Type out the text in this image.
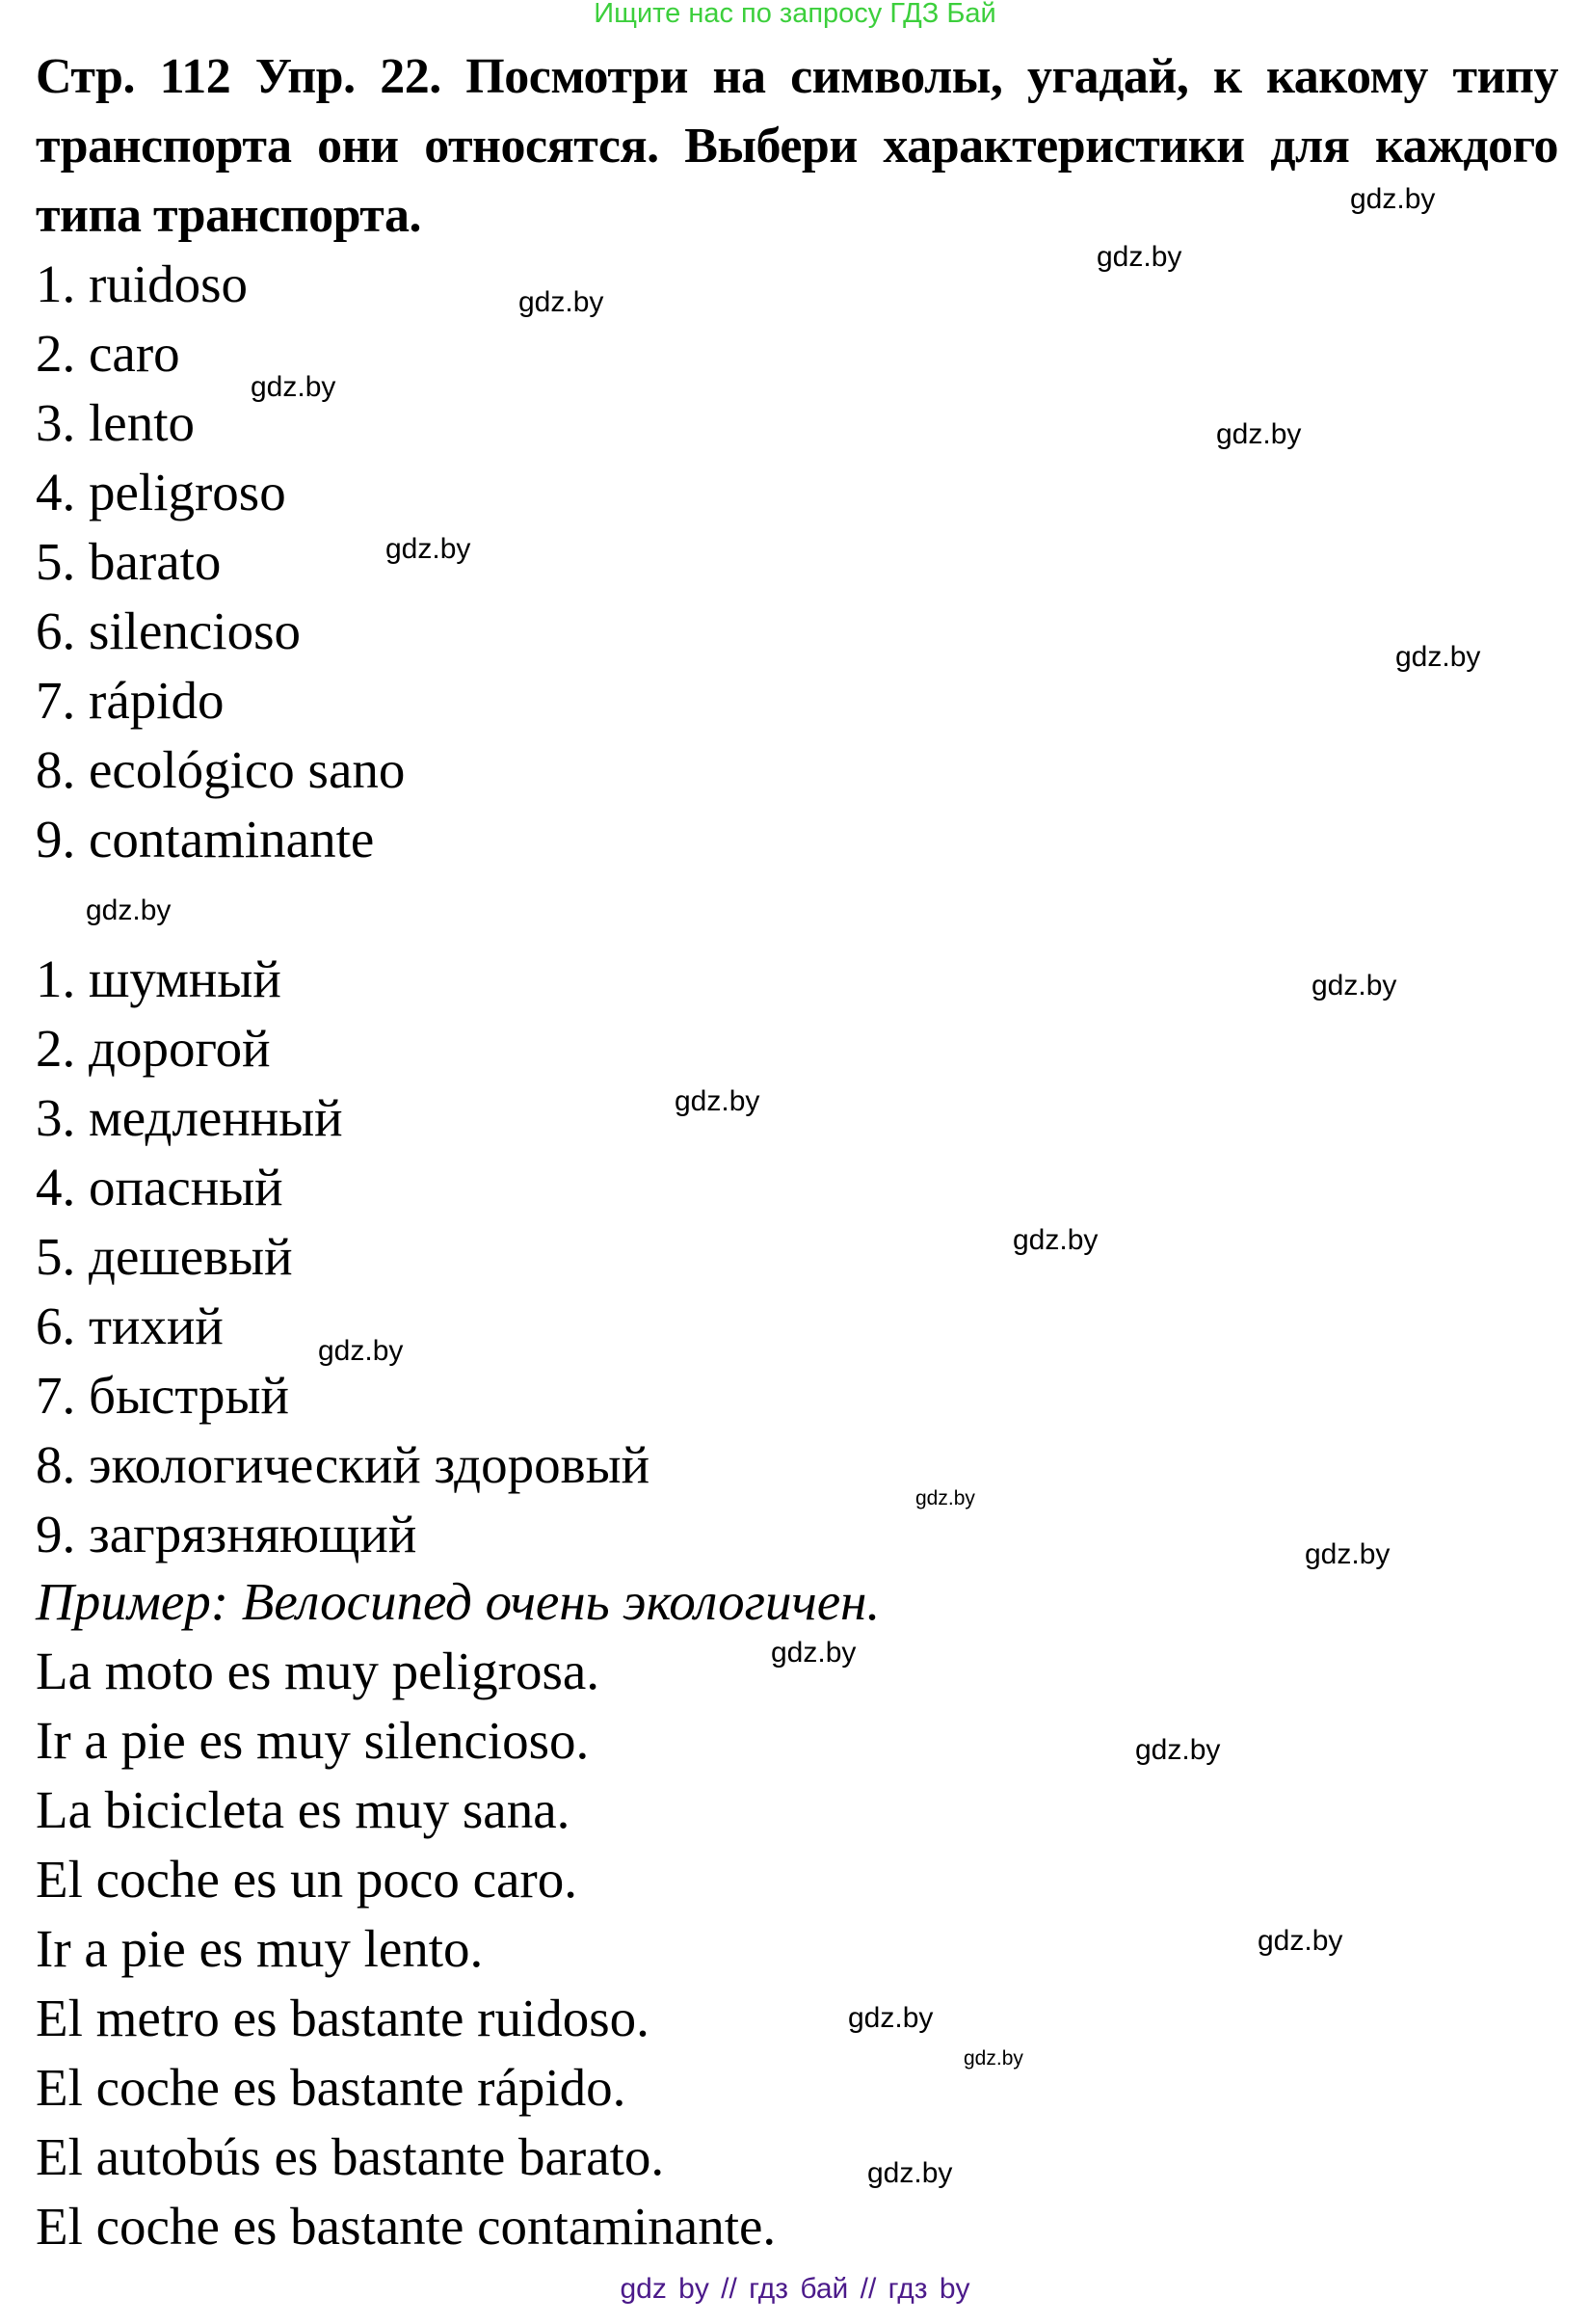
Стр. 112 Упр. 22. Посмотри на символы, угадай, к какому типу транспорта они относятся. Выбери характеристики для каждого типа транспорта.
Ищите нас по запросу ГДЗ Бай
1. ruidoso
2. caro
3. lento
4. peligroso
5. barato
6. silencioso
7. rápido
8. ecológico sano
9. contaminante
1. шумный
2. дорогой
3. медленный
4. опасный
5. дешевый
6. тихий
7. быстрый
8. экологический здоровый
9. загрязняющий
Пример: Велосипед очень экологичен.
La moto es muy peligrosa.
Ir a pie es muy silencioso.
La bicicleta es muy sana.
El coche es un poco caro.
Ir a pie es muy lento.
El metro es bastante ruidoso.
El coche es bastante rápido.
El autobús es bastante barato.
El coche es bastante contaminante.
gdz.by
gdz.by
gdz.by
gdz.by
gdz.by
gdz.by
gdz.by
gdz.by
gdz.by
gdz.by
gdz.by
gdz.by
gdz.by
gdz.by
gdz.by
gdz.by
gdz.by
gdz.by
gdz.by
gdz.by
gdz by // гдз бай // гдз by
